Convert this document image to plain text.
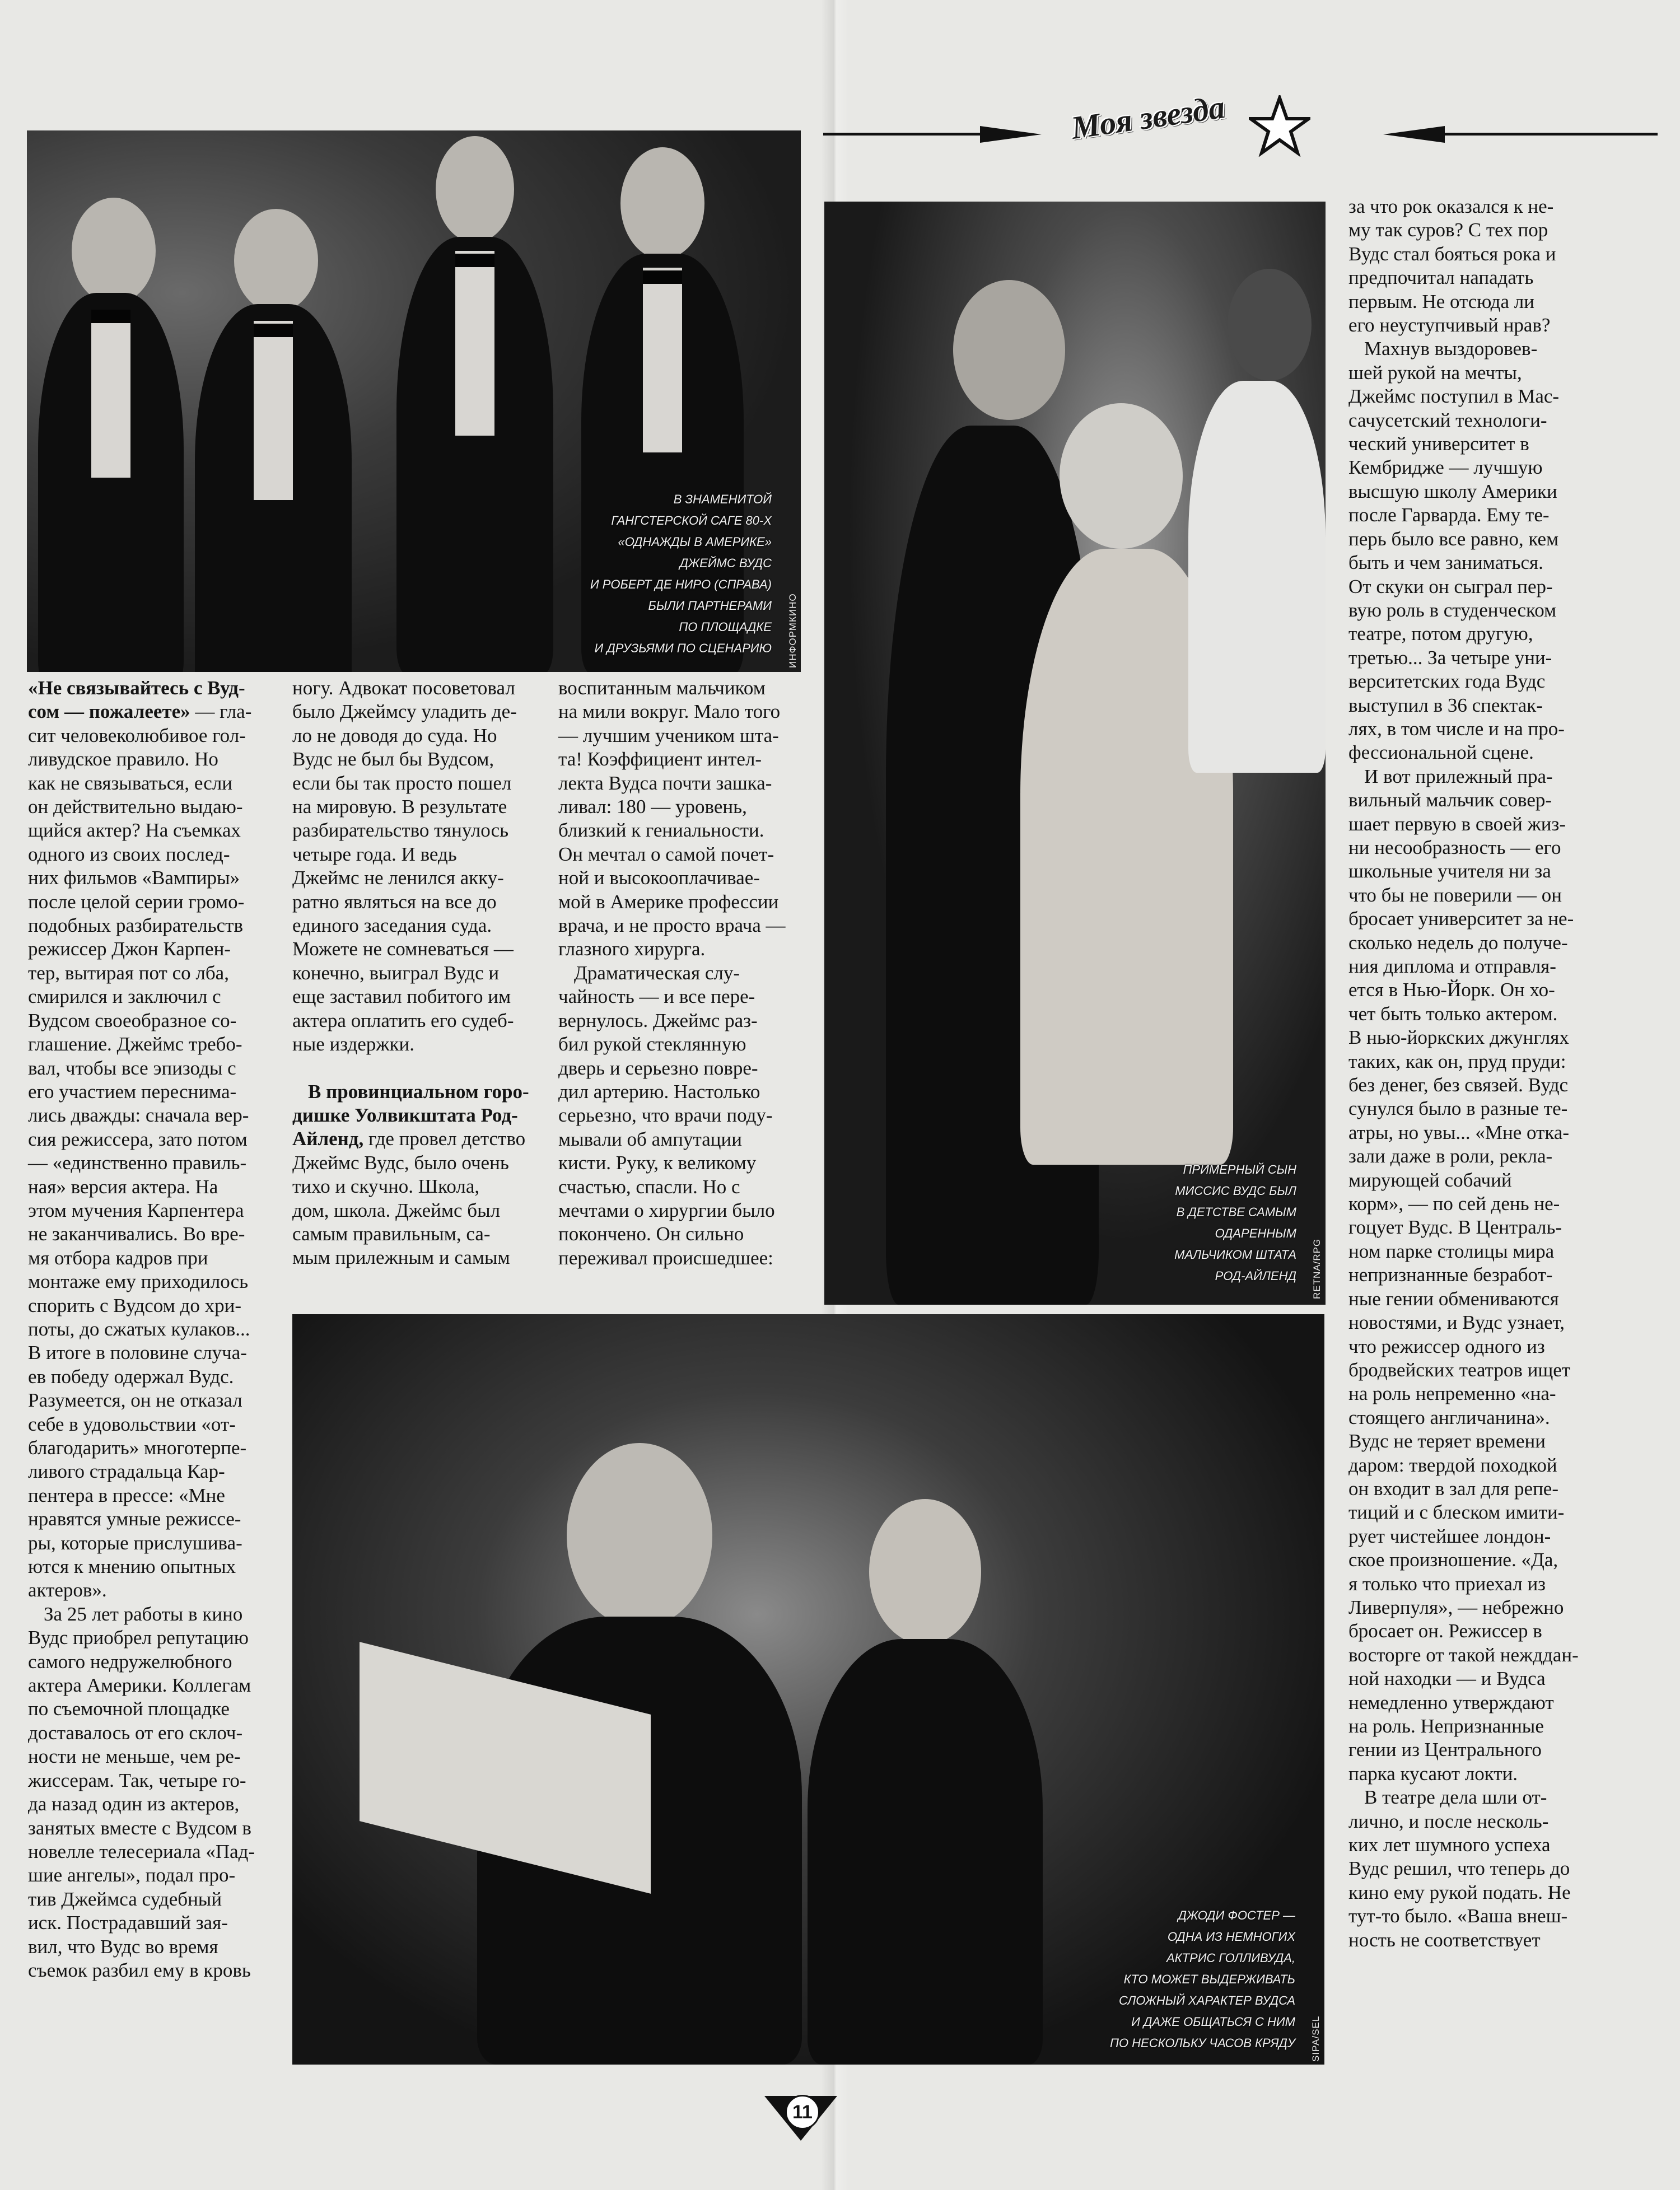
Моя звезда
В ЗНАМЕНИТОЙ
ГАНГСТЕРСКОЙ САГЕ 80-Х
«ОДНАЖДЫ В АМЕРИКЕ»
ДЖЕЙМС ВУДС
И РОБЕРТ ДЕ НИРО (СПРАВА)
БЫЛИ ПАРТНЕРАМИ
ПО ПЛОЩАДКЕ
И ДРУЗЬЯМИ ПО СЦЕНАРИЮ ИНФОРМКИНО
ПРИМЕРНЫЙ СЫН
МИССИС ВУДС БЫЛ
В ДЕТСТВЕ САМЫМ
ОДАРЕННЫМ
МАЛЬЧИКОМ ШТАТА
РОД-АЙЛЕНД RETNA/RPG
ДЖОДИ ФОСТЕР —
ОДНА ИЗ НЕМНОГИХ
АКТРИС ГОЛЛИВУДА,
КТО МОЖЕТ ВЫДЕРЖИВАТЬ
СЛОЖНЫЙ ХАРАКТЕР ВУДСА
И ДАЖЕ ОБЩАТЬСЯ С НИМ
ПО НЕСКОЛЬКУ ЧАСОВ КРЯДУ SIPA/SEL

«Не связывайтесь с Вуд-
сом — пожалеете» — гла-
сит человеколюбивое гол-
ливудское правило. Но
как не связываться, если
он действительно выдаю-
щийся актер? На съемках
одного из своих послед-
них фильмов «Вампиры»
после целой серии громо-
подобных разбирательств
режиссер Джон Карпен-
тер, вытирая пот со лба,
смирился и заключил с
Вудсом своеобразное со-
глашение. Джеймс требо-
вал, чтобы все эпизоды с
его участием переснима-
лись дважды: сначала вер-
сия режиссера, зато потом
— «единственно правиль-
ная» версия актера. На
этом мучения Карпентера
не заканчивались. Во вре-
мя отбора кадров при
монтаже ему приходилось
спорить с Вудсом до хри-
поты, до сжатых кулаков...
В итоге в половине случа-
ев победу одержал Вудс.
Разумеется, он не отказал
себе в удовольствии «от-
благодарить» многотерпе-
ливого страдальца Кар-
пентера в прессе: «Мне
нравятся умные режиссе-
ры, которые прислушива-
ются к мнению опытных
актеров».

За 25 лет работы в кино
Вудс приобрел репутацию
самого недружелюбного
актера Америки. Коллегам
по съемочной площадке
доставалось от его склоч-
ности не меньше, чем ре-
жиссерам. Так, четыре го-
да назад один из актеров,
занятых вместе с Вудсом в
новелле телесериала «Пад-
шие ангелы», подал про-
тив Джеймса судебный
иск. Пострадавший зая-
вил, что Вудс во время
съемок разбил ему в кровь

ногу. Адвокат посоветовал
было Джеймсу уладить де-
ло не доводя до суда. Но
Вудс не был бы Вудсом,
если бы так просто пошел
на мировую. В результате
разбирательство тянулось
четыре года. И ведь
Джеймс не ленился акку-
ратно являться на все до
единого заседания суда.
Можете не сомневаться —
конечно, выиграл Вудс и
еще заставил побитого им
актера оплатить его судеб-
ные издержки.

В провинциальном горо-
дишке Уолвикштата Род-
Айленд, где провел детство
Джеймс Вудс, было очень
тихо и скучно. Школа,
дом, школа. Джеймс был
самым правильным, са-
мым прилежным и самым

воспитанным мальчиком
на мили вокруг. Мало того
— лучшим учеником шта-
та! Коэффициент интел-
лекта Вудса почти зашка-
ливал: 180 — уровень,
близкий к гениальности.
Он мечтал о самой почет-
ной и высокооплачивае-
мой в Америке профессии
врача, и не просто врача —
глазного хирурга.

Драматическая слу-
чайность — и все пере-
вернулось. Джеймс раз-
бил рукой стеклянную
дверь и серьезно повре-
дил артерию. Настолько
серьезно, что врачи поду-
мывали об ампутации
кисти. Руку, к великому
счастью, спасли. Но с
мечтами о хирургии было
покончено. Он сильно
переживал происшедшее:

за что рок оказался к не-
му так суров? С тех пор
Вудс стал бояться рока и
предпочитал нападать
первым. Не отсюда ли
его неуступчивый нрав?

Махнув выздоровев-
шей рукой на мечты,
Джеймс поступил в Мас-
сачусетский технологи-
ческий университет в
Кембридже — лучшую
высшую школу Америки
после Гарварда. Ему те-
перь было все равно, кем
быть и чем заниматься.
От скуки он сыграл пер-
вую роль в студенческом
театре, потом другую,
третью... За четыре уни-
верситетских года Вудс
выступил в 36 спектак-
лях, в том числе и на про-
фессиональной сцене.

И вот прилежный пра-
вильный мальчик совер-
шает первую в своей жиз-
ни несообразность — его
школьные учителя ни за
что бы не поверили — он
бросает университет за не-
сколько недель до получе-
ния диплома и отправля-
ется в Нью-Йорк. Он хо-
чет быть только актером.
В нью-йоркских джунглях
таких, как он, пруд пруди:
без денег, без связей. Вудс
сунулся было в разные те-
атры, но увы... «Мне отка-
зали даже в роли, рекла-
мирующей собачий
корм», — по сей день не-
гоцует Вудс. В Централь-
ном парке столицы мира
непризнанные безработ-
ные гении обмениваются
новостями, и Вудс узнает,
что режиссер одного из
бродвейских театров ищет
на роль непременно «на-
стоящего англичанина».
Вудс не теряет времени
даром: твердой походкой
он входит в зал для репе-
тиций и с блеском имити-
рует чистейшее лондон-
ское произношение. «Да,
я только что приехал из
Ливерпуля», — небрежно
бросает он. Режиссер в
восторге от такой нежддан-
ной находки — и Вудса
немедленно утверждают
на роль. Непризнанные
гении из Центрального
парка кусают локти.

В театре дела шли от-
лично, и после несколь-
ких лет шумного успеха
Вудс решил, что теперь до
кино ему рукой подать. Не
тут-то было. «Ваша внеш-
ность не соответствует

11
